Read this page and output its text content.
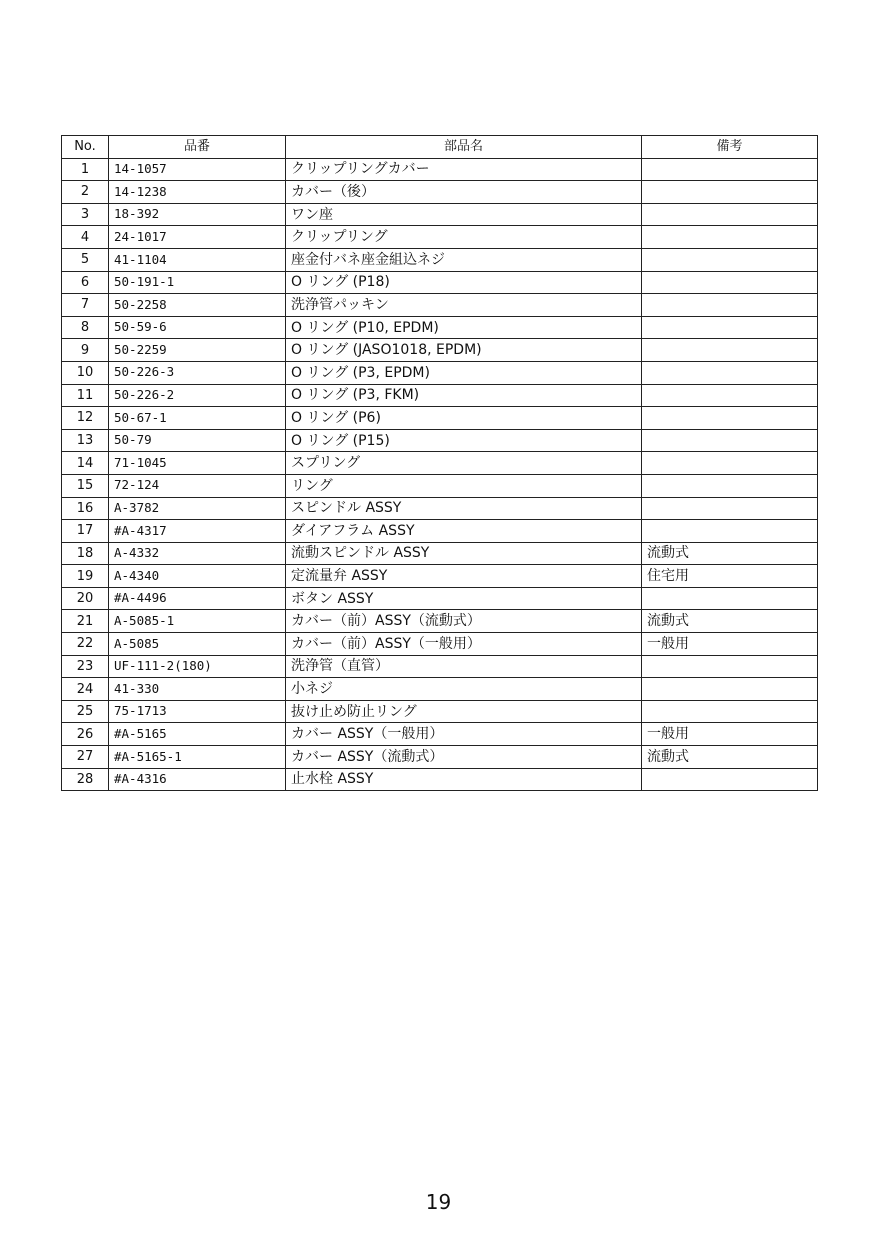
No.	品番	部品名	備考
1	14-1057	クリップリングカバー	
2	14-1238	カバー（後）	
3	18-392	ワン座	
4	24-1017	クリップリング	
5	41-1104	座金付バネ座金組込ネジ	
6	50-191-1	O リング (P18)	
7	50-2258	洗浄管パッキン	
8	50-59-6	O リング (P10, EPDM)	
9	50-2259	O リング (JASO1018, EPDM)	
10	50-226-3	O リング (P3, EPDM)	
11	50-226-2	O リング (P3, FKM)	
12	50-67-1	O リング (P6)	
13	50-79	O リング (P15)	
14	71-1045	スプリング	
15	72-124	リング	
16	A-3782	スピンドル ASSY	
17	#A-4317	ダイアフラム ASSY	
18	A-4332	流動スピンドル ASSY	流動式
19	A-4340	定流量弁 ASSY	住宅用
20	#A-4496	ボタン ASSY	
21	A-5085-1	カバー（前）ASSY（流動式）	流動式
22	A-5085	カバー（前）ASSY（一般用）	一般用
23	UF-111-2(180)	洗浄管（直管）	
24	41-330	小ネジ	
25	75-1713	抜け止め防止リング	
26	#A-5165	カバー ASSY（一般用）	一般用
27	#A-5165-1	カバー ASSY（流動式）	流動式
28	#A-4316	止水栓 ASSY	
19
